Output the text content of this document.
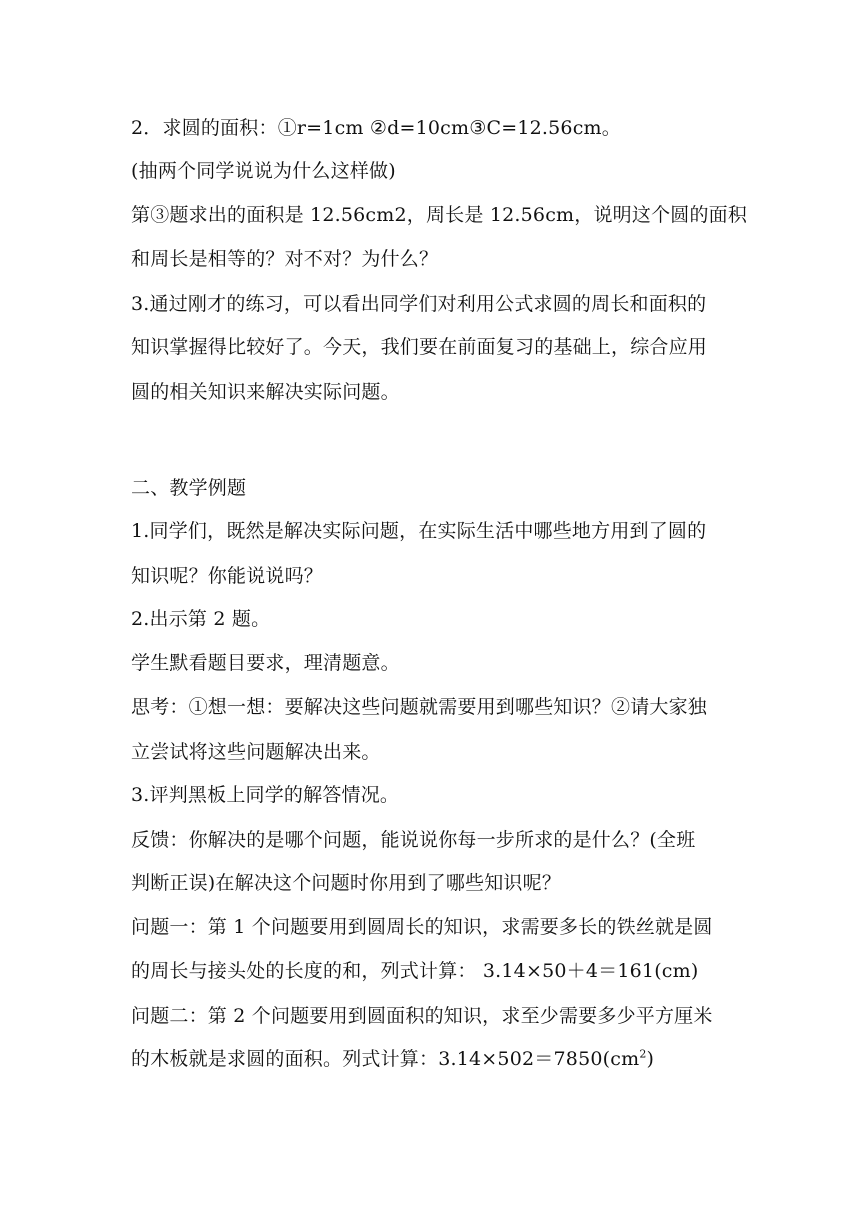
2．求圆的面积：①r=1cm ②d=10cm③C=12.56cm。
(抽两个同学说说为什么这样做)
第③题求出的面积是 12.56cm2，周长是 12.56cm，说明这个圆的面积
和周长是相等的？对不对？为什么？
3.通过刚才的练习，可以看出同学们对利用公式求圆的周长和面积的
知识掌握得比较好了。今天，我们要在前面复习的基础上，综合应用
圆的相关知识来解决实际问题。
二、教学例题
1.同学们，既然是解决实际问题，在实际生活中哪些地方用到了圆的
知识呢？你能说说吗？
2.出示第 2 题。
学生默看题目要求，理清题意。
思考：①想一想：要解决这些问题就需要用到哪些知识？②请大家独
立尝试将这些问题解决出来。
3.评判黑板上同学的解答情况。
反馈：你解决的是哪个问题，能说说你每一步所求的是什么？(全班
判断正误)在解决这个问题时你用到了哪些知识呢？
问题一：第 1 个问题要用到圆周长的知识，求需要多长的铁丝就是圆
的周长与接头处的长度的和，列式计算： 3.14×50＋4＝161(cm)
问题二：第 2 个问题要用到圆面积的知识，求至少需要多少平方厘米
的木板就是求圆的面积。列式计算：$3.14\times 502=7850(cm^2)$
